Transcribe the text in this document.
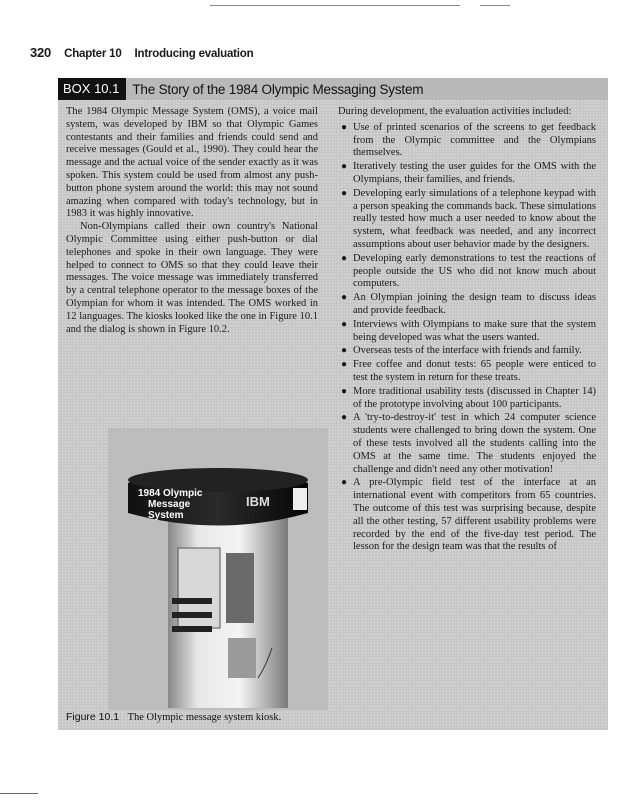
320 Chapter 10 Introducing evaluation
BOX 10.1 The Story of the 1984 Olympic Messaging System

The 1984 Olympic Message System (OMS), a voice mail system, was developed by IBM so that Olympic Games contestants and their families and friends could send and receive messages (Gould et al., 1990). They could hear the message and the actual voice of the sender exactly as it was spoken. This system could be used from almost any push-button phone system around the world: this may not sound amazing when compared with today's technology, but in 1983 it was highly innovative.

Non-Olympians called their own country's National Olympic Committee using either push-button or dial telephones and spoke in their own language. They were helped to connect to OMS so that they could leave their messages. The voice message was immediately transferred by a central telephone operator to the message boxes of the Olympian for whom it was intended. The OMS worked in 12 languages. The kiosks looked like the one in Figure 10.1 and the dialog is shown in Figure 10.2.

1984 Olympic
Message
System
IBM
Figure 10.1 The Olympic message system kiosk.

During development, the evaluation activities included:

● Use of printed scenarios of the screens to get feedback from the Olympic committee and the Olympians themselves.
● Iteratively testing the user guides for the OMS with the Olympians, their families, and friends.
● Developing early simulations of a telephone keypad with a person speaking the commands back. These simulations really tested how much a user needed to know about the system, what feedback was needed, and any incorrect assumptions about user behavior made by the designers.
● Developing early demonstrations to test the reactions of people outside the US who did not know much about computers.
● An Olympian joining the design team to discuss ideas and provide feedback.
● Interviews with Olympians to make sure that the system being developed was what the users wanted.
● Overseas tests of the interface with friends and family.
● Free coffee and donut tests: 65 people were enticed to test the system in return for these treats.
● More traditional usability tests (discussed in Chapter 14) of the prototype involving about 100 participants.
● A 'try-to-destroy-it' test in which 24 computer science students were challenged to bring down the system. One of these tests involved all the students calling into the OMS at the same time. The students enjoyed the challenge and didn't need any other motivation!
● A pre-Olympic field test of the interface at an international event with competitors from 65 countries. The outcome of this test was surprising because, despite all the other testing, 57 different usability problems were recorded by the end of the five-day test period. The lesson for the design team was that the results of
